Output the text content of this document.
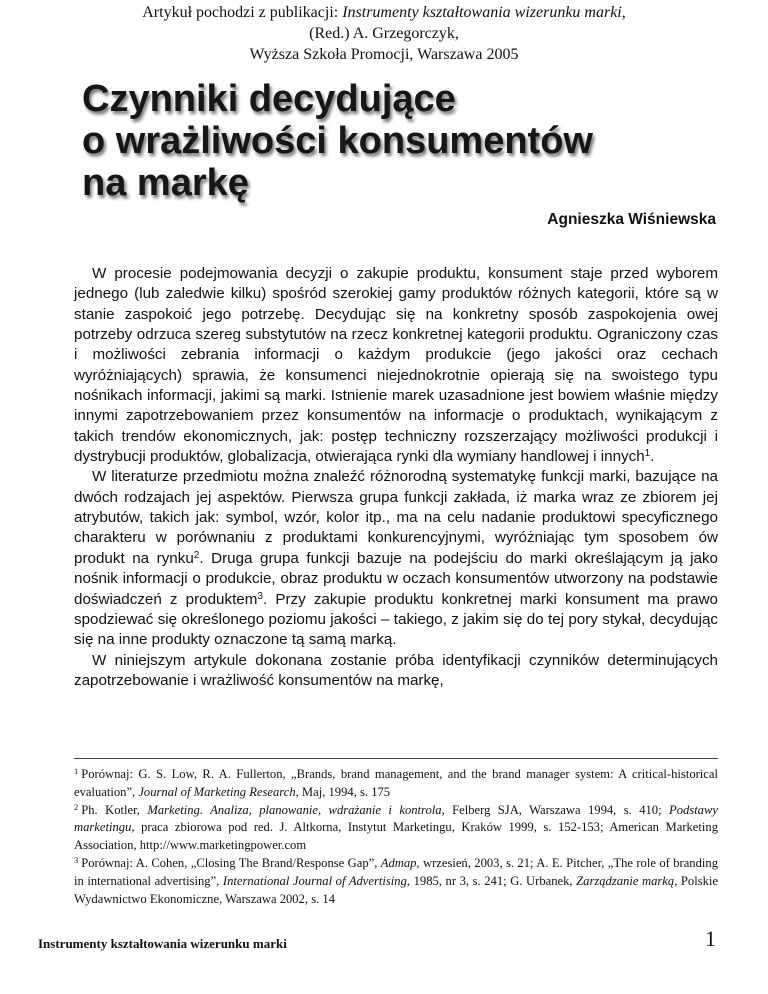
Artykuł pochodzi z publikacji: Instrumenty kształtowania wizerunku marki,
(Red.) A. Grzegorczyk,
Wyższa Szkoła Promocji, Warszawa 2005
Czynniki decydujące
o wrażliwości konsumentów
na markę
Agnieszka Wiśniewska

W procesie podejmowania decyzji o zakupie produktu, konsument staje przed wyborem jednego (lub zaledwie kilku) spośród szerokiej gamy produktów różnych kategorii, które są w stanie zaspokoić jego potrzebę. Decydując się na konkretny sposób zaspokojenia owej potrzeby odrzuca szereg substytutów na rzecz konkretnej kategorii produktu. Ograniczony czas i możliwości zebrania informacji o każdym produkcie (jego jakości oraz cechach wyróżniających) sprawia, że konsumenci niejednokrotnie opierają się na swoistego typu nośnikach informacji, jakimi są marki. Istnienie marek uzasadnione jest bowiem właśnie między innymi zapotrzebowaniem przez konsumentów na informacje o produktach, wynikającym z takich trendów ekonomicznych, jak: postęp techniczny rozszerzający możliwości produkcji i dystrybucji produktów, globalizacja, otwierająca rynki dla wymiany handlowej i innych$^1$.

W literaturze przedmiotu można znaleźć różnorodną systematykę funkcji marki, bazujące na dwóch rodzajach jej aspektów. Pierwsza grupa funkcji zakłada, iż marka wraz ze zbiorem jej atrybutów, takich jak: symbol, wzór, kolor itp., ma na celu nadanie produktowi specyficznego charakteru w porównaniu z produktami konkurencyjnymi, wyróżniając tym sposobem ów produkt na rynku$^2$. Druga grupa funkcji bazuje na podejściu do marki określającym ją jako nośnik informacji o produkcie, obraz produktu w oczach konsumentów utworzony na podstawie doświadczeń z produktem$^3$. Przy zakupie produktu konkretnej marki konsument ma prawo spodziewać się określonego poziomu jakości – takiego, z jakim się do tej pory stykał, decydując się na inne produkty oznaczone tą samą marką.

W niniejszym artykule dokonana zostanie próba identyfikacji czynników determinujących zapotrzebowanie i wrażliwość konsumentów na markę,

$^1$ Porównaj: G. S. Low, R. A. Fullerton, „Brands, brand management, and the brand manager system: A critical-historical evaluation”, Journal of Marketing Research, Maj, 1994, s. 175

$^2$ Ph. Kotler, Marketing. Analiza, planowanie, wdrażanie i kontrola, Felberg SJA, Warszawa 1994, s. 410; Podstawy marketingu, praca zbiorowa pod red. J. Altkorna, Instytut Marketingu, Kraków 1999, s. 152-153; American Marketing Association, http://www.marketingpower.com

$^3$ Porównaj: A. Cohen, „Closing The Brand/Response Gap”, Admap, wrzesień, 2003, s. 21; A. E. Pitcher, „The role of branding in international advertising”, International Journal of Advertising, 1985, nr 3, s. 241; G. Urbanek, Zarządzanie marką, Polskie Wydawnictwo Ekonomiczne, Warszawa 2002, s. 14

Instrumenty kształtowania wizerunku marki	1
